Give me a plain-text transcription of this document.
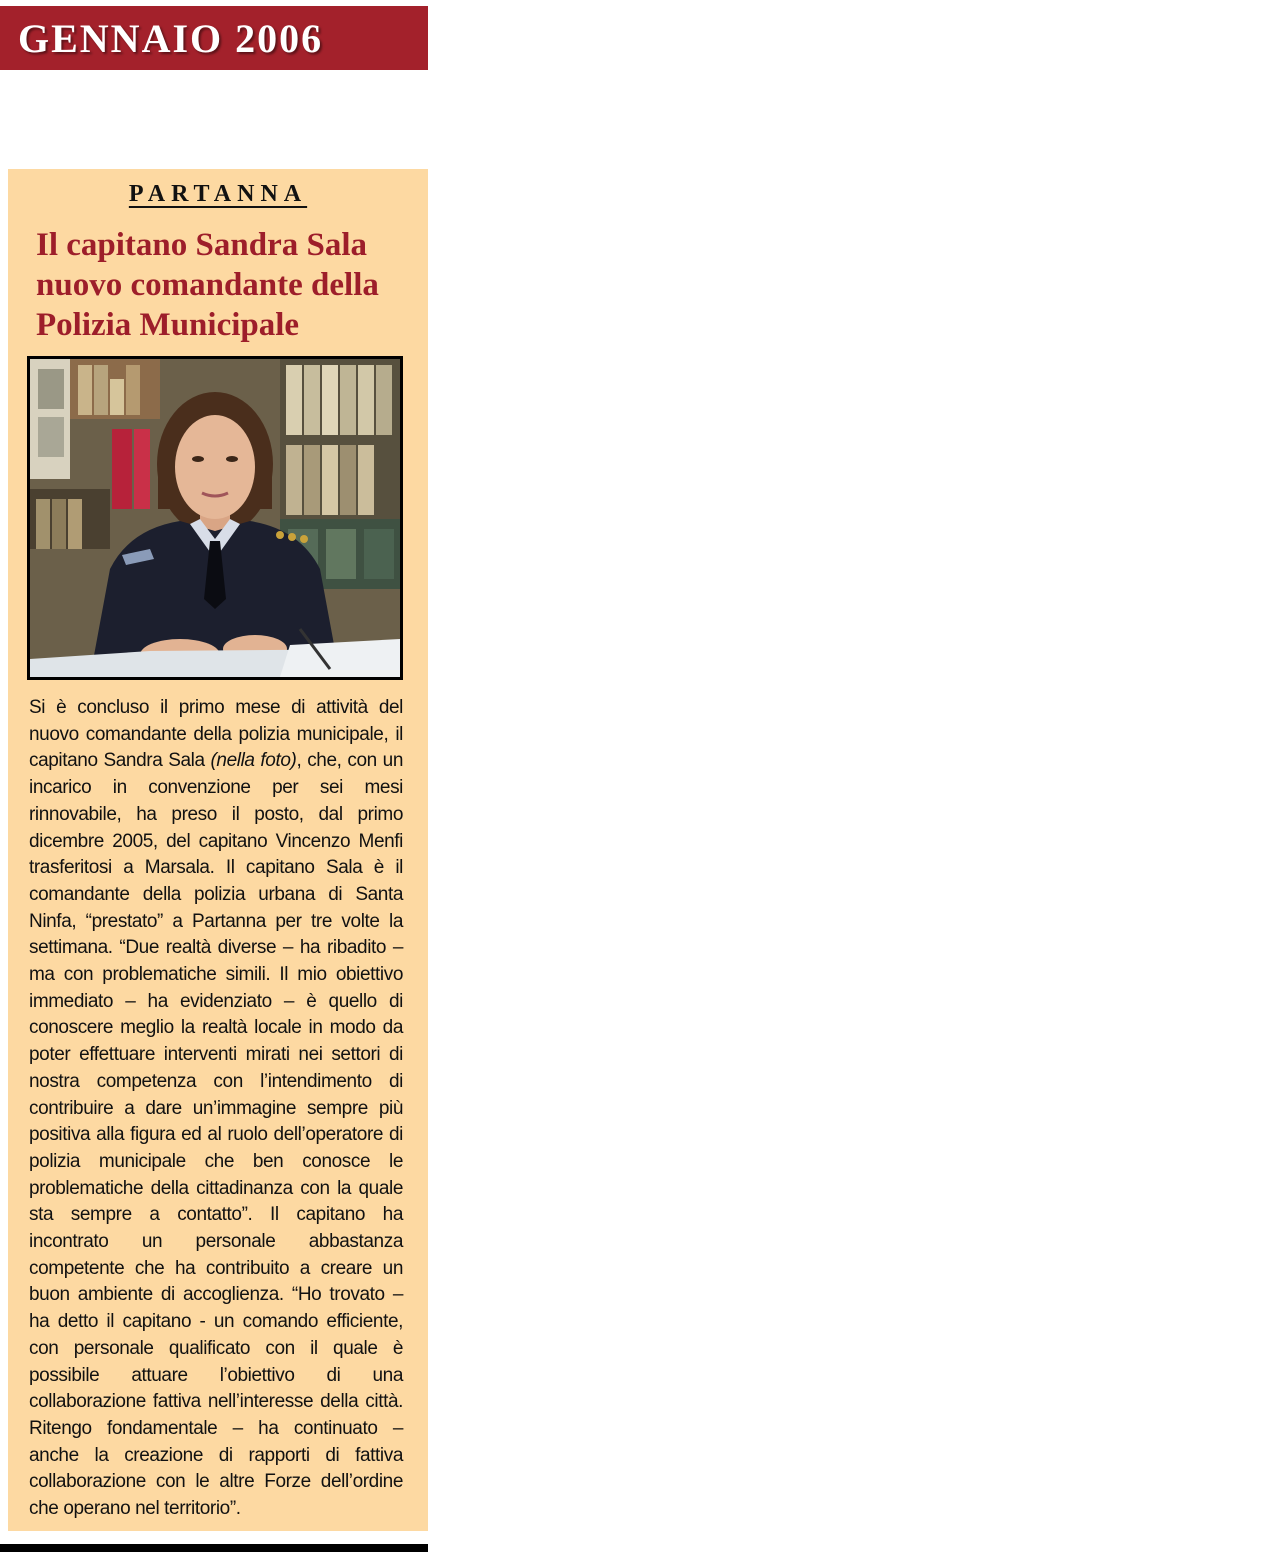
GENNAIO 2006
PARTANNA
Il capitano Sandra Sala nuovo comandante della Polizia Municipale

Si è concluso il primo mese di attività del nuovo comandante della polizia municipale, il capitano Sandra Sala (nella foto), che, con un incarico in convenzione per sei mesi rinnovabile, ha preso il posto, dal primo dicembre 2005, del capitano Vincenzo Menfi trasferitosi a Marsala. Il capitano Sala è il comandante della polizia urbana di Santa Ninfa, “prestato” a Partanna per tre volte la settimana. “Due realtà diverse – ha ribadito – ma con problematiche simili. Il mio obiettivo immediato – ha evidenziato – è quello di conoscere meglio la realtà locale in modo da poter effettuare interventi mirati nei settori di nostra competenza con l’intendimento di contribuire a dare un’immagine sempre più positiva alla figura ed al ruolo dell’operatore di polizia municipale che ben conosce le problematiche della cittadinanza con la quale sta sempre a contatto”. Il capitano ha incontrato un personale abbastanza competente che ha contribuito a creare un buon ambiente di accoglienza. “Ho trovato – ha detto il capitano - un comando efficiente, con personale qualificato con il quale è possibile attuare l’obiettivo di una collaborazione fattiva nell’interesse della città. Ritengo fondamentale – ha continuato – anche la creazione di rapporti di fattiva collaborazione con le altre Forze dell’ordine che operano nel territorio”.
